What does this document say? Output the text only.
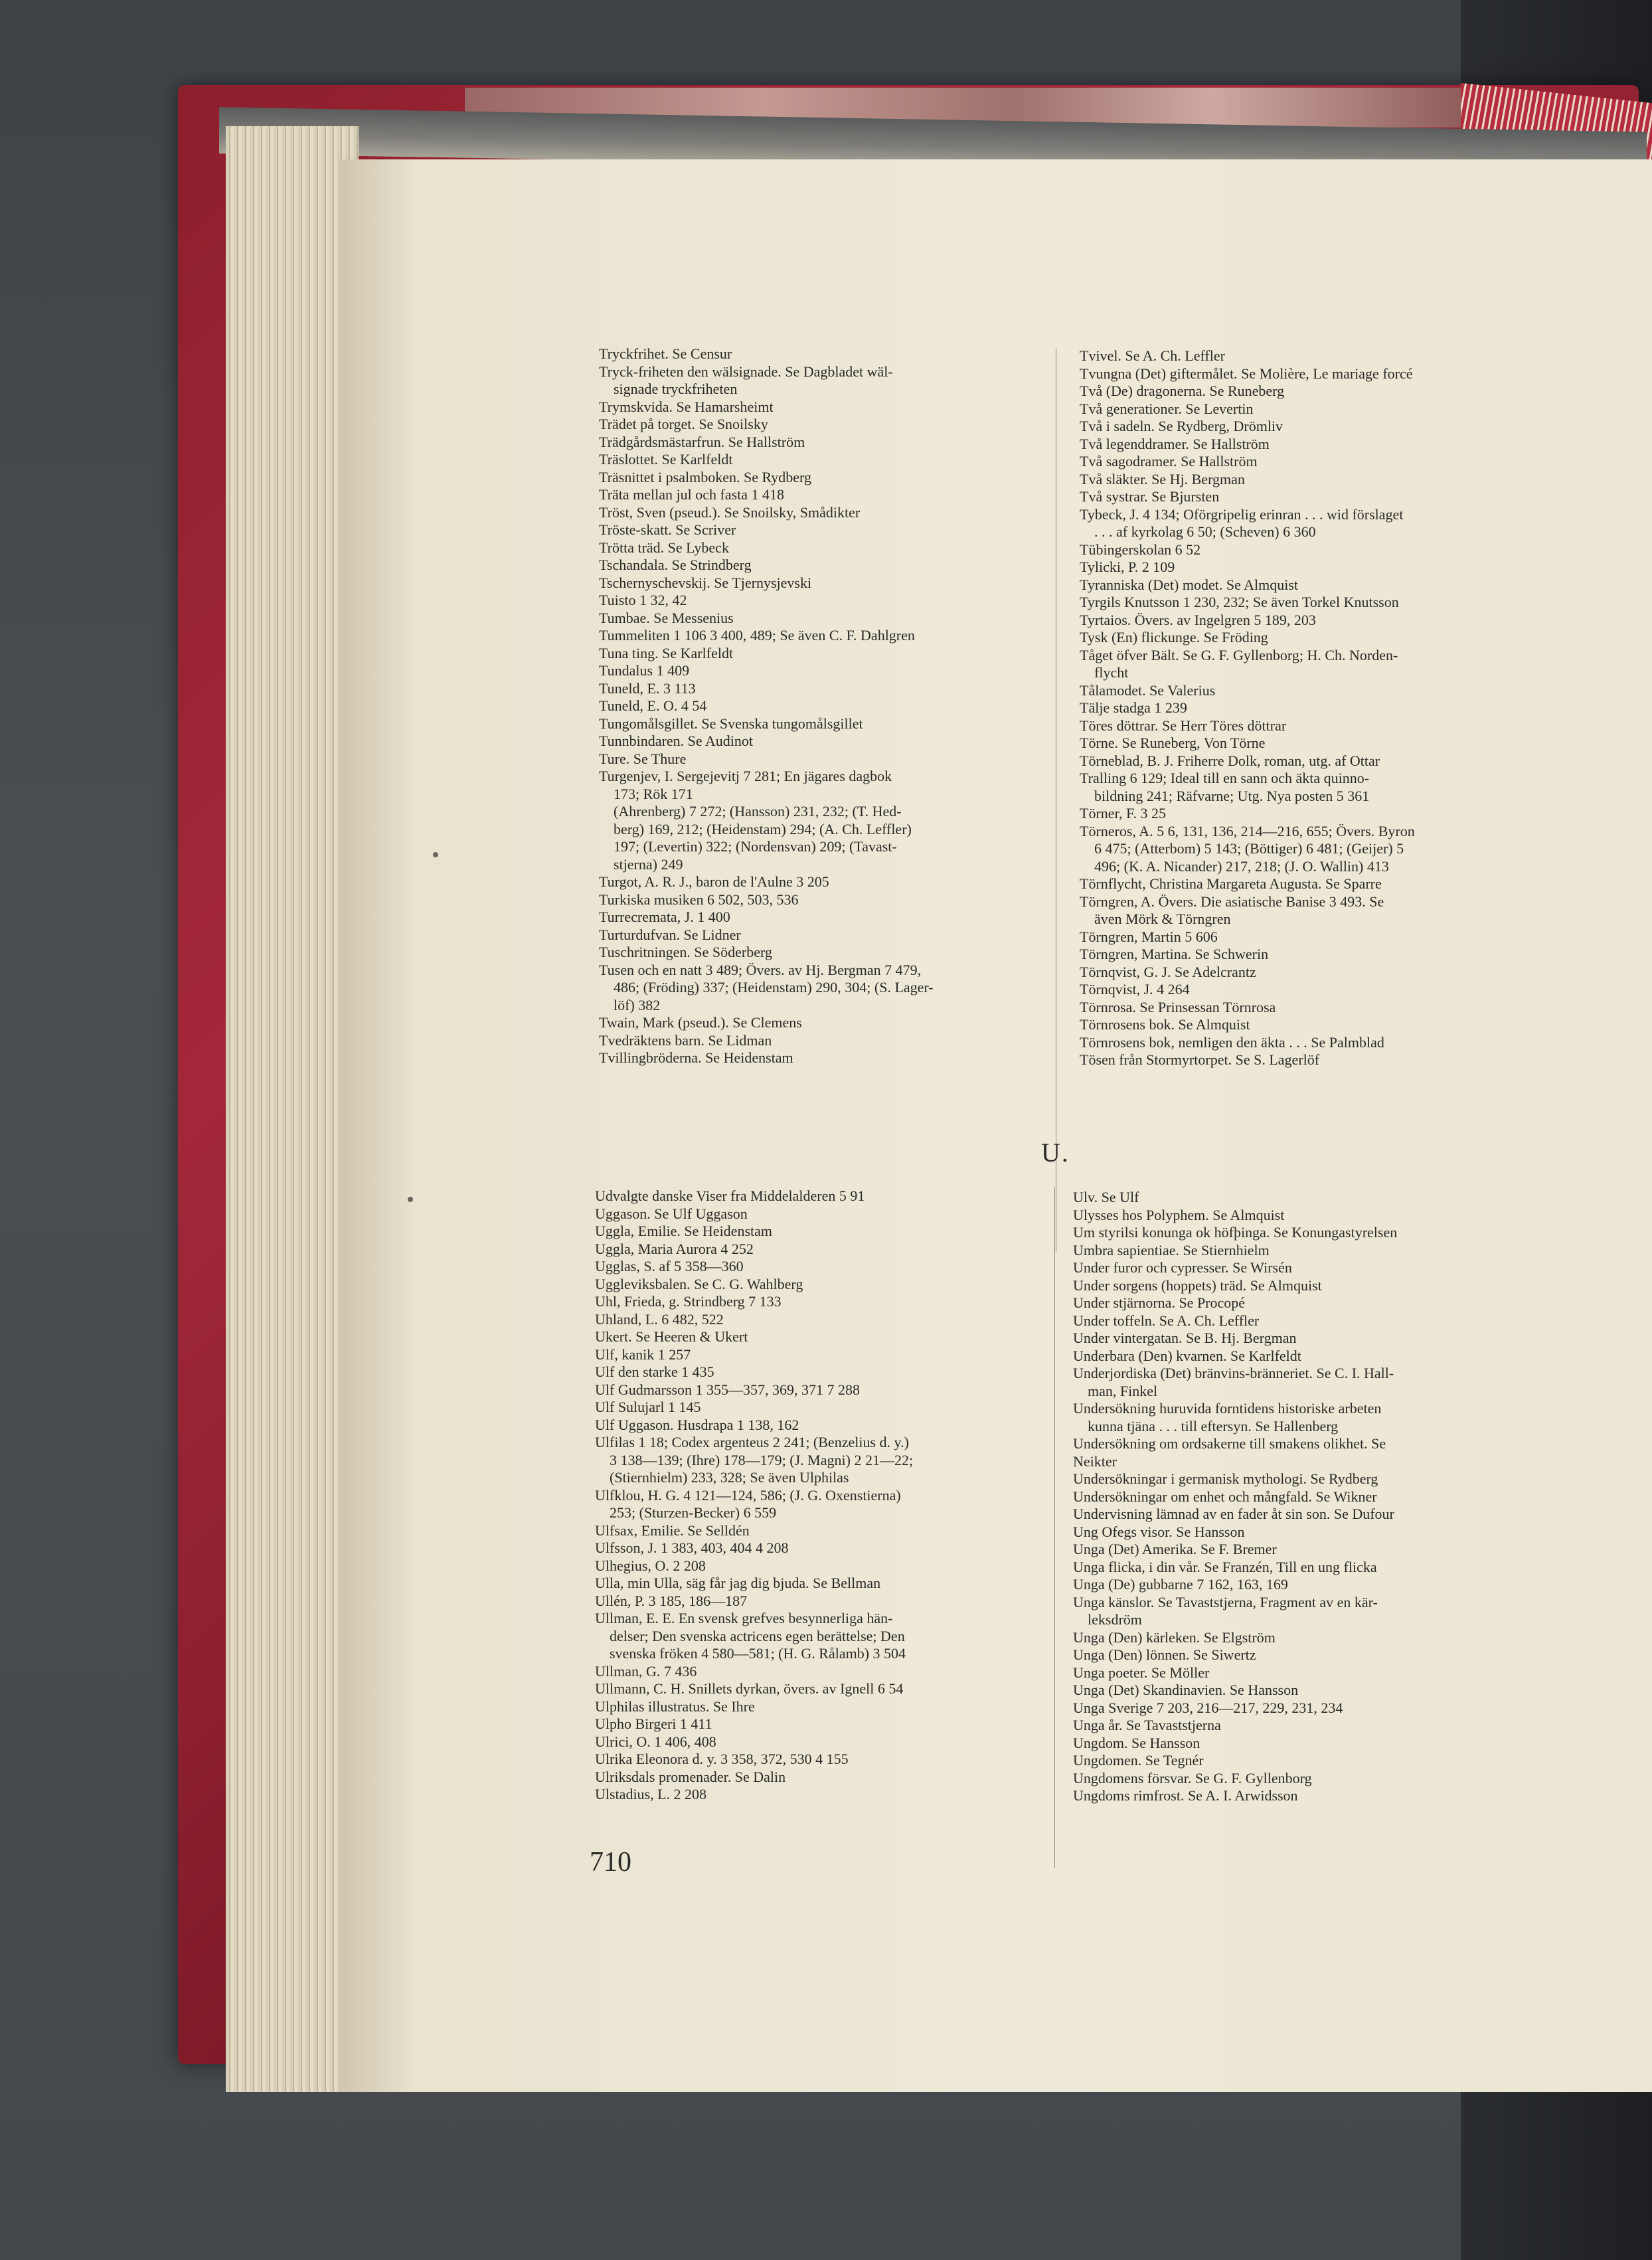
Tryckfrihet. Se Censur

Tryck-friheten den wälsignade. Se Dagbladet wäl-

signade tryckfriheten

Trymskvida. Se Hamarsheimt

Trädet på torget. Se Snoilsky

Trädgårdsmästarfrun. Se Hallström

Träslottet. Se Karlfeldt

Träsnittet i psalmboken. Se Rydberg

Träta mellan jul och fasta 1 418

Tröst, Sven (pseud.). Se Snoilsky, Smådikter

Tröste-skatt. Se Scriver

Trötta träd. Se Lybeck

Tschandala. Se Strindberg

Tschernyschevskij. Se Tjernysjevski

Tuisto 1 32, 42

Tumbae. Se Messenius

Tummeliten 1 106 3 400, 489; Se även C. F. Dahlgren

Tuna ting. Se Karlfeldt

Tundalus 1 409

Tuneld, E. 3 113

Tuneld, E. O. 4 54

Tungomålsgillet. Se Svenska tungomålsgillet

Tunnbindaren. Se Audinot

Ture. Se Thure

Turgenjev, I. Sergejevitj 7 281; En jägares dagbok

173; Rök 171

(Ahrenberg) 7 272; (Hansson) 231, 232; (T. Hed-

berg) 169, 212; (Heidenstam) 294; (A. Ch. Leffler)

197; (Levertin) 322; (Nordensvan) 209; (Tavast-

stjerna) 249

Turgot, A. R. J., baron de l'Aulne 3 205

Turkiska musiken 6 502, 503, 536

Turrecremata, J. 1 400

Turturdufvan. Se Lidner

Tuschritningen. Se Söderberg

Tusen och en natt 3 489; Övers. av Hj. Bergman 7 479,

486; (Fröding) 337; (Heidenstam) 290, 304; (S. Lager-

löf) 382

Twain, Mark (pseud.). Se Clemens

Tvedräktens barn. Se Lidman

Tvillingbröderna. Se Heidenstam

Tvivel. Se A. Ch. Leffler

Tvungna (Det) giftermålet. Se Molière, Le mariage forcé

Två (De) dragonerna. Se Runeberg

Två generationer. Se Levertin

Två i sadeln. Se Rydberg, Drömliv

Två legenddramer. Se Hallström

Två sagodramer. Se Hallström

Två släkter. Se Hj. Bergman

Två systrar. Se Bjursten

Tybeck, J. 4 134; Oförgripelig erinran . . . wid förslaget

. . . af kyrkolag 6 50; (Scheven) 6 360

Tübingerskolan 6 52

Tylicki, P. 2 109

Tyranniska (Det) modet. Se Almquist

Tyrgils Knutsson 1 230, 232; Se även Torkel Knutsson

Tyrtaios. Övers. av Ingelgren 5 189, 203

Tysk (En) flickunge. Se Fröding

Tåget öfver Bält. Se G. F. Gyllenborg; H. Ch. Norden-

flycht

Tålamodet. Se Valerius

Tälje stadga 1 239

Töres döttrar. Se Herr Töres döttrar

Törne. Se Runeberg, Von Törne

Törneblad, B. J. Friherre Dolk, roman, utg. af Ottar

Tralling 6 129; Ideal till en sann och äkta quinno-

bildning 241; Räfvarne; Utg. Nya posten 5 361

Törner, F. 3 25

Törneros, A. 5 6, 131, 136, 214—216, 655; Övers. Byron

6 475; (Atterbom) 5 143; (Böttiger) 6 481; (Geijer) 5

496; (K. A. Nicander) 217, 218; (J. O. Wallin) 413

Törnflycht, Christina Margareta Augusta. Se Sparre

Törngren, A. Övers. Die asiatische Banise 3 493. Se

även Mörk & Törngren

Törngren, Martin 5 606

Törngren, Martina. Se Schwerin

Törnqvist, G. J. Se Adelcrantz

Törnqvist, J. 4 264

Törnrosa. Se Prinsessan Törnrosa

Törnrosens bok. Se Almquist

Törnrosens bok, nemligen den äkta . . . Se Palmblad

Tösen från Stormyrtorpet. Se S. Lagerlöf

U.

Udvalgte danske Viser fra Middelalderen 5 91

Uggason. Se Ulf Uggason

Uggla, Emilie. Se Heidenstam

Uggla, Maria Aurora 4 252

Ugglas, S. af 5 358—360

Uggleviksbalen. Se C. G. Wahlberg

Uhl, Frieda, g. Strindberg 7 133

Uhland, L. 6 482, 522

Ukert. Se Heeren & Ukert

Ulf, kanik 1 257

Ulf den starke 1 435

Ulf Gudmarsson 1 355—357, 369, 371 7 288

Ulf Sulujarl 1 145

Ulf Uggason. Husdrapa 1 138, 162

Ulfilas 1 18; Codex argenteus 2 241; (Benzelius d. y.)

3 138—139; (Ihre) 178—179; (J. Magni) 2 21—22;

(Stiernhielm) 233, 328; Se även Ulphilas

Ulfklou, H. G. 4 121—124, 586; (J. G. Oxenstierna)

253; (Sturzen-Becker) 6 559

Ulfsax, Emilie. Se Selldén

Ulfsson, J. 1 383, 403, 404 4 208

Ulhegius, O. 2 208

Ulla, min Ulla, säg får jag dig bjuda. Se Bellman

Ullén, P. 3 185, 186—187

Ullman, E. E. En svensk grefves besynnerliga hän-

delser; Den svenska actricens egen berättelse; Den

svenska fröken 4 580—581; (H. G. Rålamb) 3 504

Ullman, G. 7 436

Ullmann, C. H. Snillets dyrkan, övers. av Ignell 6 54

Ulphilas illustratus. Se Ihre

Ulpho Birgeri 1 411

Ulrici, O. 1 406, 408

Ulrika Eleonora d. y. 3 358, 372, 530 4 155

Ulriksdals promenader. Se Dalin

Ulstadius, L. 2 208

Ulv. Se Ulf

Ulysses hos Polyphem. Se Almquist

Um styrilsi konunga ok höfþinga. Se Konungastyrelsen

Umbra sapientiae. Se Stiernhielm

Under furor och cypresser. Se Wirsén

Under sorgens (hoppets) träd. Se Almquist

Under stjärnorna. Se Procopé

Under toffeln. Se A. Ch. Leffler

Under vintergatan. Se B. Hj. Bergman

Underbara (Den) kvarnen. Se Karlfeldt

Underjordiska (Det) bränvins-bränneriet. Se C. I. Hall-

man, Finkel

Undersökning huruvida forntidens historiske arbeten

kunna tjäna . . . till eftersyn. Se Hallenberg

Undersökning om ordsakerne till smakens olikhet. Se

Neikter

Undersökningar i germanisk mythologi. Se Rydberg

Undersökningar om enhet och mångfald. Se Wikner

Undervisning lämnad av en fader åt sin son. Se Dufour

Ung Ofegs visor. Se Hansson

Unga (Det) Amerika. Se F. Bremer

Unga flicka, i din vår. Se Franzén, Till en ung flicka

Unga (De) gubbarne 7 162, 163, 169

Unga känslor. Se Tavaststjerna, Fragment av en kär-

leksdröm

Unga (Den) kärleken. Se Elgström

Unga (Den) lönnen. Se Siwertz

Unga poeter. Se Möller

Unga (Det) Skandinavien. Se Hansson

Unga Sverige 7 203, 216—217, 229, 231, 234

Unga år. Se Tavaststjerna

Ungdom. Se Hansson

Ungdomen. Se Tegnér

Ungdomens försvar. Se G. F. Gyllenborg

Ungdoms rimfrost. Se A. I. Arwidsson

710
